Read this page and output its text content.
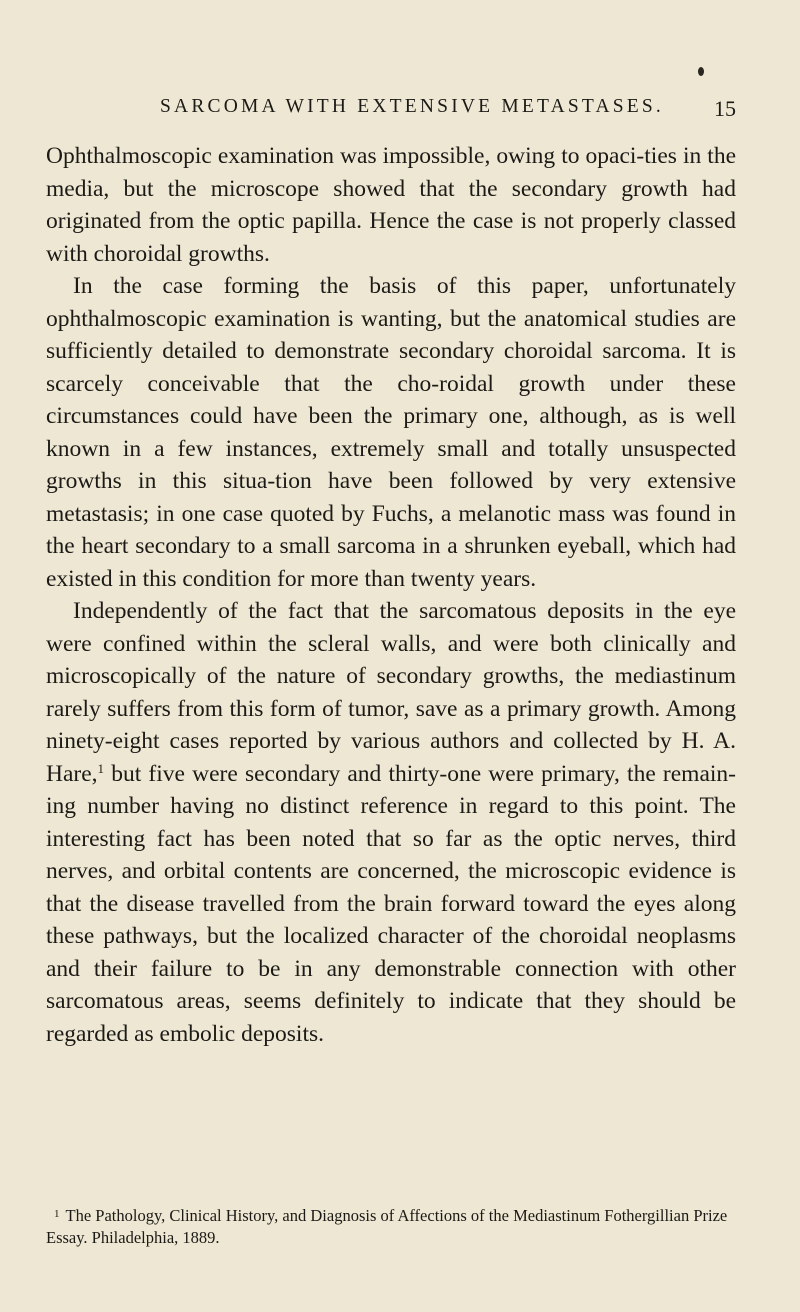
SARCOMA WITH EXTENSIVE METASTASES. 15

Ophthalmoscopic examination was impossible, owing to opaci-ties in the media, but the microscope showed that the secondary growth had originated from the optic papilla. Hence the case is not properly classed with choroidal growths.

In the case forming the basis of this paper, unfortunately ophthalmoscopic examination is wanting, but the anatomical studies are sufficiently detailed to demonstrate secondary choroidal sarcoma. It is scarcely conceivable that the cho-roidal growth under these circumstances could have been the primary one, although, as is well known in a few instances, extremely small and totally unsuspected growths in this situa-tion have been followed by very extensive metastasis; in one case quoted by Fuchs, a melanotic mass was found in the heart secondary to a small sarcoma in a shrunken eyeball, which had existed in this condition for more than twenty years.

Independently of the fact that the sarcomatous deposits in the eye were confined within the scleral walls, and were both clinically and microscopically of the nature of secondary growths, the mediastinum rarely suffers from this form of tumor, save as a primary growth. Among ninety-eight cases reported by various authors and collected by H. A. Hare,$^1$ but five were secondary and thirty-one were primary, the remain-ing number having no distinct reference in regard to this point. The interesting fact has been noted that so far as the optic nerves, third nerves, and orbital contents are concerned, the microscopic evidence is that the disease travelled from the brain forward toward the eyes along these pathways, but the localized character of the choroidal neoplasms and their failure to be in any demonstrable connection with other sarcomatous areas, seems definitely to indicate that they should be regarded as embolic deposits.

$^1$ The Pathology, Clinical History, and Diagnosis of Affections of the Mediastinum Fothergillian Prize Essay. Philadelphia, 1889.
